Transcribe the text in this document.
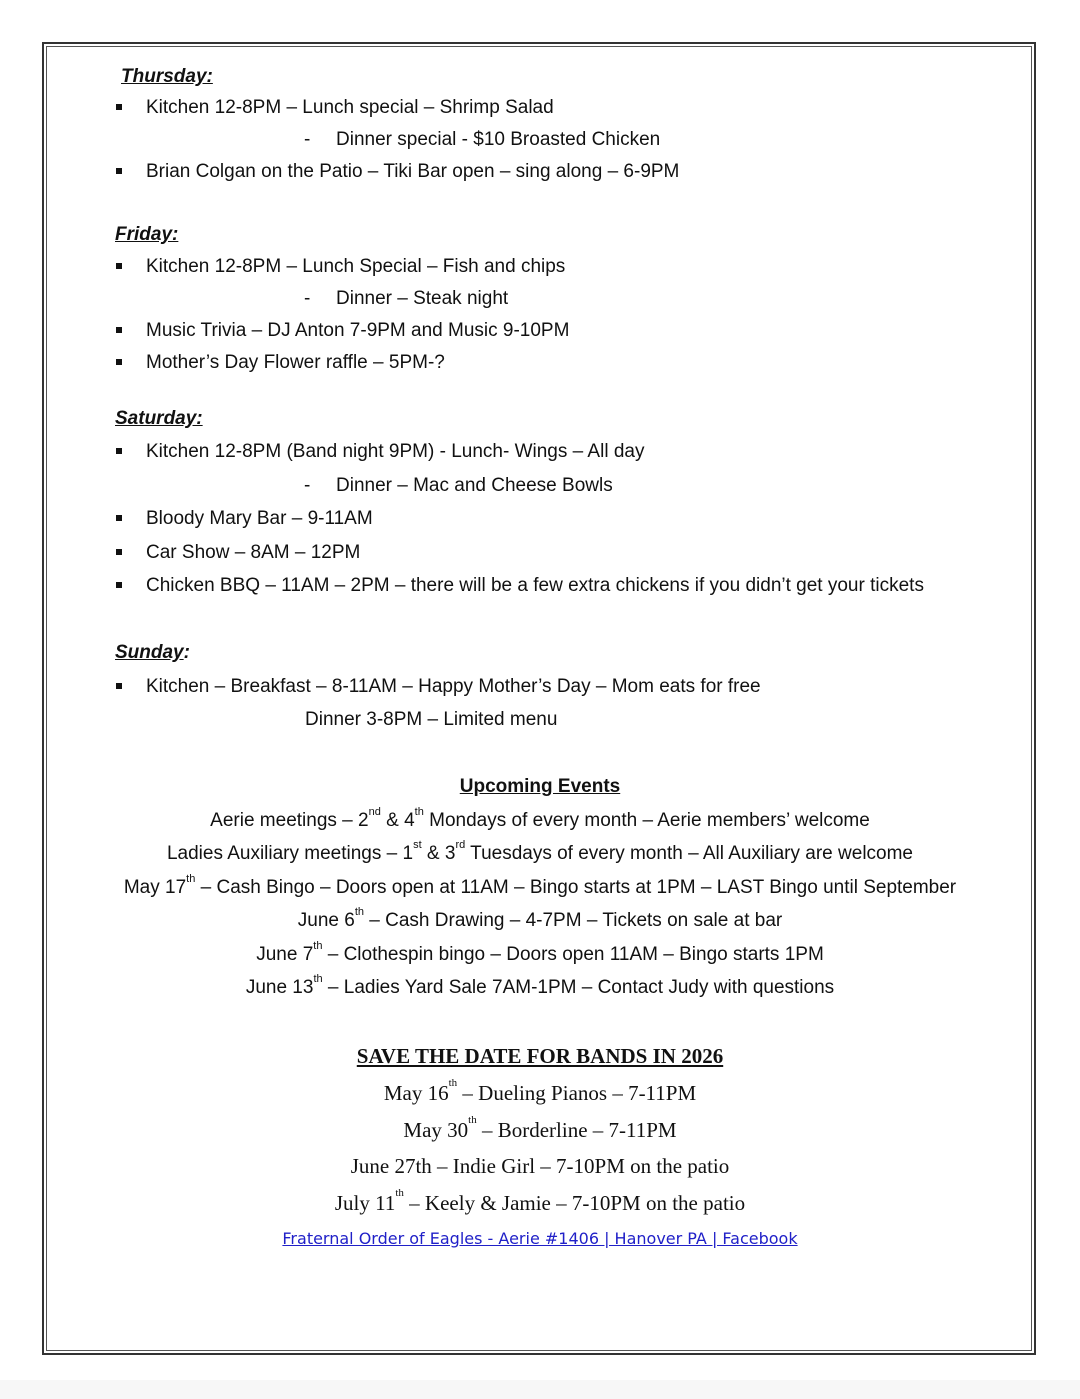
Thursday:
Kitchen 12-8PM – Lunch special – Shrimp Salad
- Dinner special - $10 Broasted Chicken
Brian Colgan on the Patio – Tiki Bar open – sing along – 6-9PM
Friday:
Kitchen 12-8PM – Lunch Special – Fish and chips
- Dinner – Steak night
Music Trivia – DJ Anton 7-9PM and Music 9-10PM
Mother’s Day Flower raffle – 5PM-?
Saturday:
Kitchen 12-8PM (Band night 9PM) - Lunch- Wings – All day
- Dinner – Mac and Cheese Bowls
Bloody Mary Bar – 9-11AM
Car Show – 8AM – 12PM
Chicken BBQ – 11AM – 2PM – there will be a few extra chickens if you didn’t get your tickets
Sunday:
Kitchen – Breakfast – 8-11AM – Happy Mother’s Day – Mom eats for free
Dinner 3-8PM – Limited menu
Upcoming Events
Aerie meetings – 2nd & 4th Mondays of every month – Aerie members’ welcome
Ladies Auxiliary meetings – 1st & 3rd Tuesdays of every month – All Auxiliary are welcome
May 17th – Cash Bingo – Doors open at 11AM – Bingo starts at 1PM – LAST Bingo until September
June 6th – Cash Drawing – 4-7PM – Tickets on sale at bar
June 7th – Clothespin bingo – Doors open 11AM – Bingo starts 1PM
June 13th – Ladies Yard Sale 7AM-1PM – Contact Judy with questions
SAVE THE DATE FOR BANDS IN 2026
May 16th – Dueling Pianos – 7-11PM
May 30th – Borderline – 7-11PM
June 27th – Indie Girl – 7-10PM on the patio
July 11th – Keely & Jamie – 7-10PM on the patio
Fraternal Order of Eagles - Aerie #1406 | Hanover PA | Facebook
